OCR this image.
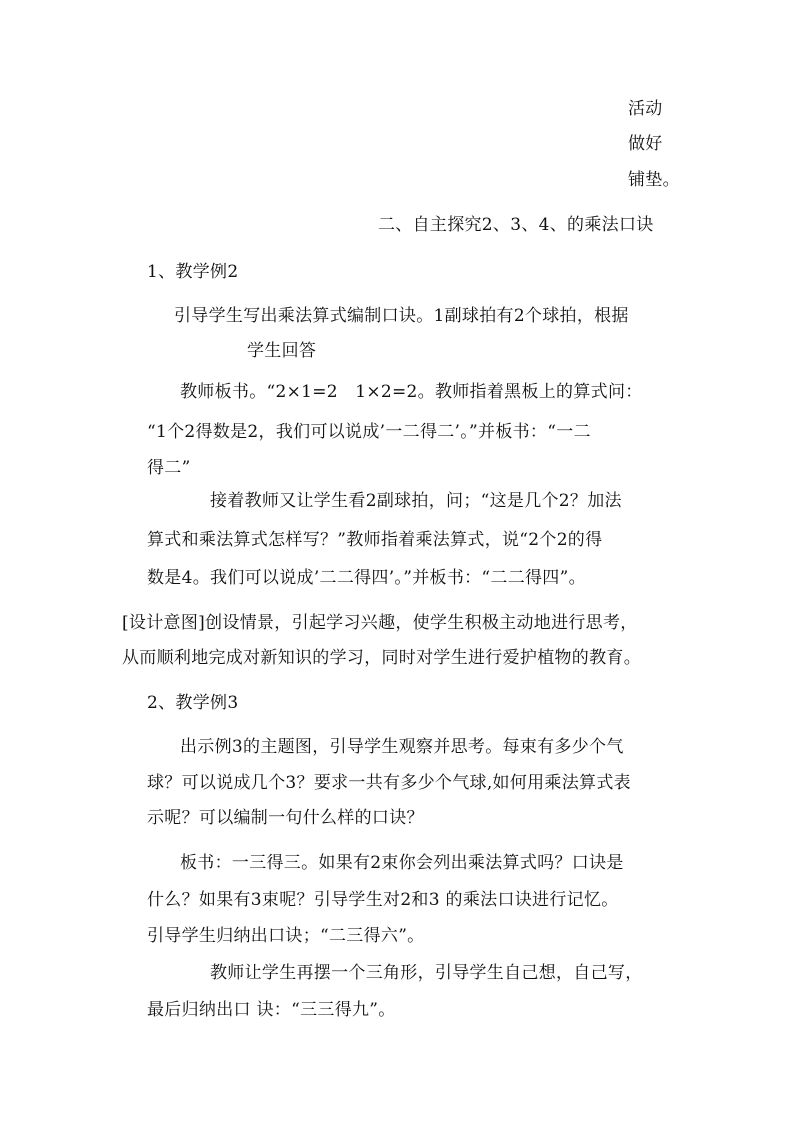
活动
做好
铺垫。
二、自主探究2、3、4、的乘法口诀
1、教学例2
引导学生写出乘法算式编制口诀。1副球拍有2个球拍，根据
学生回答
教师板书。“2×1=2　1×2=2。教师指着黑板上的算式问：
“1个2得数是2，我们可以说成’一二得二’。”并板书：“一二
得二”
接着教师又让学生看2副球拍，问；“这是几个2？加法
算式和乘法算式怎样写？”教师指着乘法算式，说“2个2的得
数是4。我们可以说成’二二得四’。”并板书：“二二得四”。
[设计意图]创设情景，引起学习兴趣，使学生积极主动地进行思考，
从而顺利地完成对新知识的学习，同时对学生进行爱护植物的教育。
2、教学例3
出示例3的主题图，引导学生观察并思考。每束有多少个气
球？可以说成几个3？要求一共有多少个气球,如何用乘法算式表
示呢？可以编制一句什么样的口诀？
板书：一三得三。如果有2束你会列出乘法算式吗？口诀是
什么？如果有3束呢？引导学生对2和3 的乘法口诀进行记忆。
引导学生归纳出口诀；“二三得六”。
教师让学生再摆一个三角形，引导学生自己想，自己写，
最后归纳出口 诀：“三三得九”。
